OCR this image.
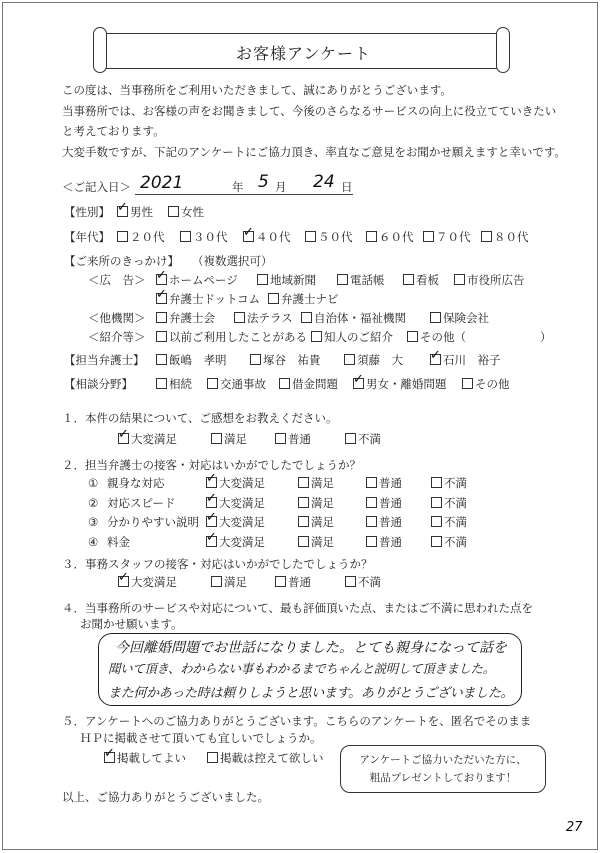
お客様アンケート
この度は、当事務所をご利用いただきまして、誠にありがとうございます。
当事務所では、お客様の声をお聞きまして、今後のさらなるサービスの向上に役立てていきたい
と考えております。
大変手数ですが、下記のアンケートにご協力頂き、率直なご意見をお聞かせ願えますと幸いです。
＜ご記入日＞ 2021	年 5 月 24 日
【性別】 ✓	男性	女性
【年代】	２０代	３０代 ✓	４０代	５０代	６０代	７０代	８０代
【ご来所のきっかけ】 （複数選択可）
＜広　告＞ ✓	ホームページ	地域新聞	電話帳	看板	市役所広告
✓弁護士ドットコム	弁護士ナビ
＜他機関＞	弁護士会	法テラス	自治体・福祉機関	保険会社
＜紹介等＞	以前ご利用したことがある	知人のご紹介	その他（	）
【担当弁護士】	飯嶋　孝明	塚谷　祐貴	須藤　大 ✓	石川　裕子
【相談分野】	相続	交通事故	借金問題 ✓	男女・離婚問題	その他
１．本件の結果について、ご感想をお教えください。
✓大変満足	満足	普通	不満
２．担当弁護士の接客・対応はいかがでしたでしょうか？
① 親身な対応 ✓	大変満足	満足	普通	不満
② 対応スピード ✓	大変満足	満足	普通	不満
③ 分かりやすい説明 ✓	大変満足	満足	普通	不満
④ 料金 ✓	大変満足	満足	普通	不満
３．事務スタッフの接客・対応はいかがでしたでしょうか？
✓大変満足	満足	普通	不満
４．当事務所のサービスや対応について、最も評価頂いた点、またはご不満に思われた点を
お聞かせ願います。
今回離婚問題でお世話になりました。とても親身になって話を
聞いて頂き、わからない事もわかるまでちゃんと説明して頂きました。
また何かあった時は頼りしようと思います。ありがとうございました。
５．アンケートへのご協力ありがとうございます。こちらのアンケートを、匿名でそのまま
ＨＰに掲載させて頂いても宜しいでしょうか。
✓掲載してよい	掲載は控えて欲しい	アンケートご協力いただいた方に、
粗品プレゼントしております！
以上、ご協力ありがとうございました。
27
